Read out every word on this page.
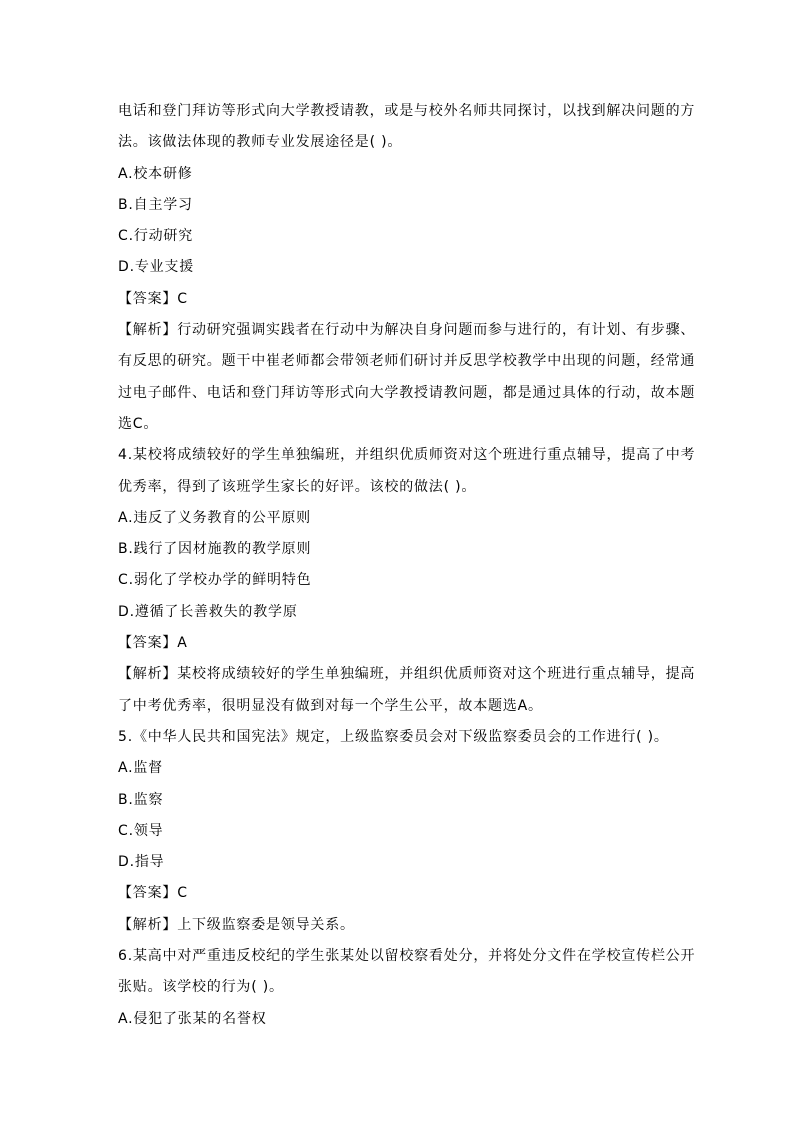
电话和登门拜访等形式向大学教授请教，或是与校外名师共同探讨，以找到解决问题的方
法。该做法体现的教师专业发展途径是( )。
A.校本研修
B.自主学习
C.行动研究
D.专业支援
【答案】C
【解析】行动研究强调实践者在行动中为解决自身问题而参与进行的，有计划、有步骤、
有反思的研究。题干中崔老师都会带领老师们研讨并反思学校教学中出现的问题，经常通
过电子邮件、电话和登门拜访等形式向大学教授请教问题，都是通过具体的行动，故本题
选C。
4.某校将成绩较好的学生单独编班，并组织优质师资对这个班进行重点辅导，提高了中考
优秀率，得到了该班学生家长的好评。该校的做法( )。
A.违反了义务教育的公平原则
B.践行了因材施教的教学原则
C.弱化了学校办学的鲜明特色
D.遵循了长善救失的教学原
【答案】A
【解析】某校将成绩较好的学生单独编班，并组织优质师资对这个班进行重点辅导，提高
了中考优秀率，很明显没有做到对每一个学生公平，故本题选A。
5.《中华人民共和国宪法》规定，上级监察委员会对下级监察委员会的工作进行( )。
A.监督
B.监察
C.领导
D.指导
【答案】C
【解析】上下级监察委是领导关系。
6.某高中对严重违反校纪的学生张某处以留校察看处分，并将处分文件在学校宣传栏公开
张贴。该学校的行为( )。
A.侵犯了张某的名誉权
